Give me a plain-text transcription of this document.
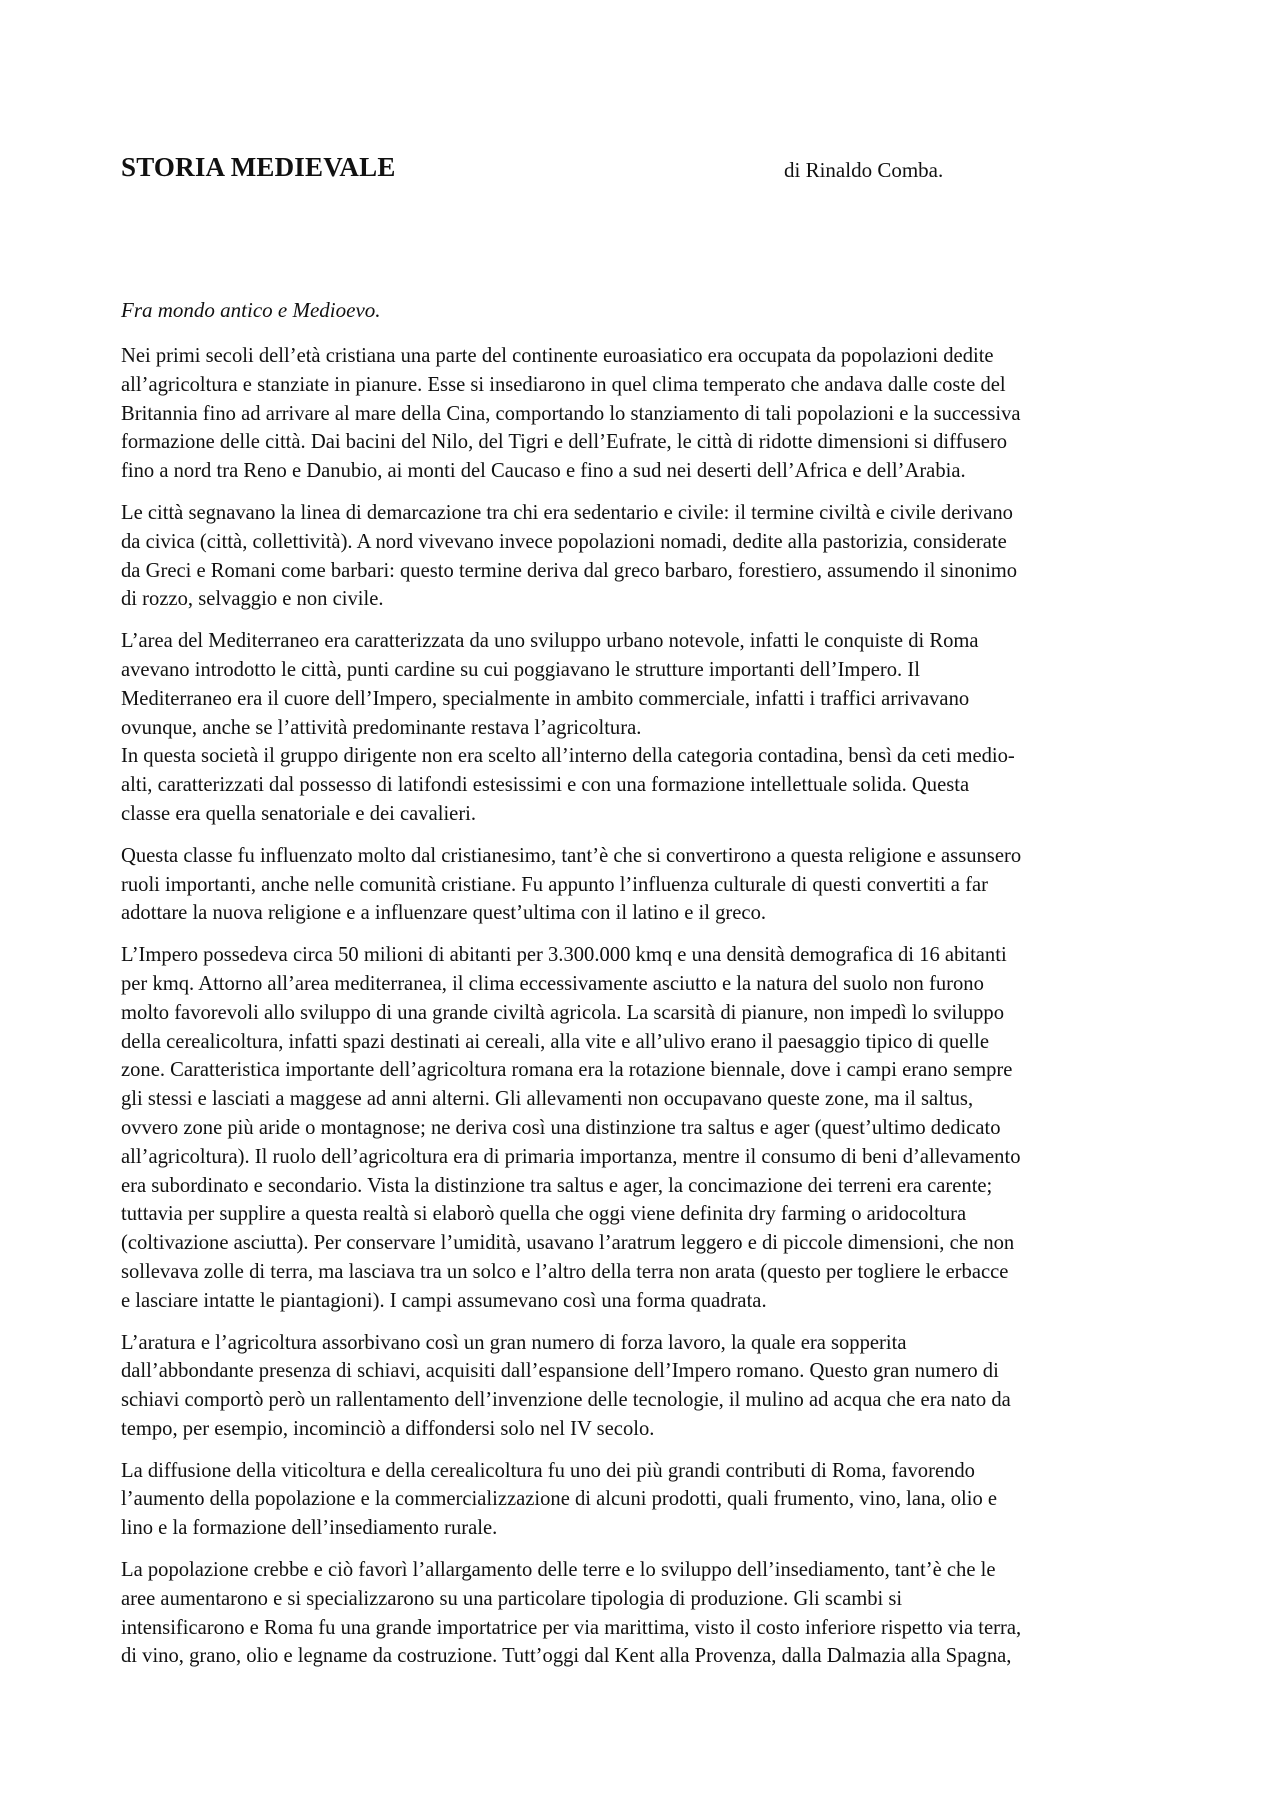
STORIA MEDIEVALE	di Rinaldo Comba.
Fra mondo antico e Medioevo.
Nei primi secoli dell’età cristiana una parte del continente euroasiatico era occupata da popolazioni dedite
all’agricoltura e stanziate in pianure. Esse si insediarono in quel clima temperato che andava dalle coste del
Britannia fino ad arrivare al mare della Cina, comportando lo stanziamento di tali popolazioni e la successiva
formazione delle città. Dai bacini del Nilo, del Tigri e dell’Eufrate, le città di ridotte dimensioni si diffusero
fino a nord tra Reno e Danubio, ai monti del Caucaso e fino a sud nei deserti dell’Africa e dell’Arabia.
Le città segnavano la linea di demarcazione tra chi era sedentario e civile: il termine civiltà e civile derivano
da civica (città, collettività). A nord vivevano invece popolazioni nomadi, dedite alla pastorizia, considerate
da Greci e Romani come barbari: questo termine deriva dal greco barbaro, forestiero, assumendo il sinonimo
di rozzo, selvaggio e non civile.
L’area del Mediterraneo era caratterizzata da uno sviluppo urbano notevole, infatti le conquiste di Roma
avevano introdotto le città, punti cardine su cui poggiavano le strutture importanti dell’Impero. Il
Mediterraneo era il cuore dell’Impero, specialmente in ambito commerciale, infatti i traffici arrivavano
ovunque, anche se l’attività predominante restava l’agricoltura.
In questa società il gruppo dirigente non era scelto all’interno della categoria contadina, bensì da ceti medio-
alti, caratterizzati dal possesso di latifondi estesissimi e con una formazione intellettuale solida. Questa
classe era quella senatoriale e dei cavalieri.
Questa classe fu influenzato molto dal cristianesimo, tant’è che si convertirono a questa religione e assunsero
ruoli importanti, anche nelle comunità cristiane. Fu appunto l’influenza culturale di questi convertiti a far
adottare la nuova religione e a influenzare quest’ultima con il latino e il greco.
L’Impero possedeva circa 50 milioni di abitanti per 3.300.000 kmq e una densità demografica di 16 abitanti
per kmq. Attorno all’area mediterranea, il clima eccessivamente asciutto e la natura del suolo non furono
molto favorevoli allo sviluppo di una grande civiltà agricola. La scarsità di pianure, non impedì lo sviluppo
della cerealicoltura, infatti spazi destinati ai cereali, alla vite e all’ulivo erano il paesaggio tipico di quelle
zone. Caratteristica importante dell’agricoltura romana era la rotazione biennale, dove i campi erano sempre
gli stessi e lasciati a maggese ad anni alterni. Gli allevamenti non occupavano queste zone, ma il saltus,
ovvero zone più aride o montagnose; ne deriva così una distinzione tra saltus e ager (quest’ultimo dedicato
all’agricoltura). Il ruolo dell’agricoltura era di primaria importanza, mentre il consumo di beni d’allevamento
era subordinato e secondario. Vista la distinzione tra saltus e ager, la concimazione dei terreni era carente;
tuttavia per supplire a questa realtà si elaborò quella che oggi viene definita dry farming o aridocoltura
(coltivazione asciutta). Per conservare l’umidità, usavano l’aratrum leggero e di piccole dimensioni, che non
sollevava zolle di terra, ma lasciava tra un solco e l’altro della terra non arata (questo per togliere le erbacce
e lasciare intatte le piantagioni). I campi assumevano così una forma quadrata.
L’aratura e l’agricoltura assorbivano così un gran numero di forza lavoro, la quale era sopperita
dall’abbondante presenza di schiavi, acquisiti dall’espansione dell’Impero romano. Questo gran numero di
schiavi comportò però un rallentamento dell’invenzione delle tecnologie, il mulino ad acqua che era nato da
tempo, per esempio, incominciò a diffondersi solo nel IV secolo.
La diffusione della viticoltura e della cerealicoltura fu uno dei più grandi contributi di Roma, favorendo
l’aumento della popolazione e la commercializzazione di alcuni prodotti, quali frumento, vino, lana, olio e
lino e la formazione dell’insediamento rurale.
La popolazione crebbe e ciò favorì l’allargamento delle terre e lo sviluppo dell’insediamento, tant’è che le
aree aumentarono e si specializzarono su una particolare tipologia di produzione. Gli scambi si
intensificarono e Roma fu una grande importatrice per via marittima, visto il costo inferiore rispetto via terra,
di vino, grano, olio e legname da costruzione. Tutt’oggi dal Kent alla Provenza, dalla Dalmazia alla Spagna,
